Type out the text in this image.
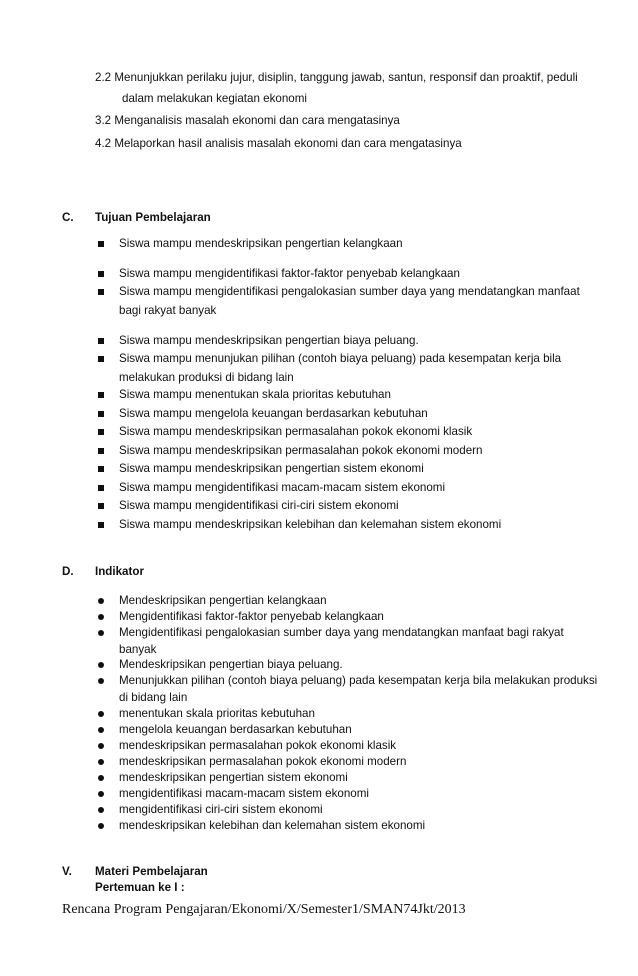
2.2 Menunjukkan perilaku jujur, disiplin, tanggung jawab, santun, responsif dan proaktif, peduli
dalam melakukan kegiatan ekonomi
3.2 Menganalisis masalah ekonomi dan cara mengatasinya
4.2 Melaporkan hasil analisis masalah ekonomi dan cara mengatasinya
C. Tujuan Pembelajaran
Siswa mampu mendeskripsikan pengertian kelangkaan
Siswa mampu mengidentifikasi faktor-faktor penyebab kelangkaan
Siswa mampu mengidentifikasi pengalokasian sumber daya yang mendatangkan manfaat
bagi rakyat banyak
Siswa mampu mendeskripsikan pengertian biaya peluang.
Siswa mampu menunjukan pilihan (contoh biaya peluang) pada kesempatan kerja bila
melakukan produksi di bidang lain
Siswa mampu menentukan skala prioritas kebutuhan
Siswa mampu mengelola keuangan berdasarkan kebutuhan
Siswa mampu mendeskripsikan permasalahan pokok ekonomi klasik
Siswa mampu mendeskripsikan permasalahan pokok ekonomi modern
Siswa mampu mendeskripsikan pengertian sistem ekonomi
Siswa mampu mengidentifikasi macam-macam sistem ekonomi
Siswa mampu mengidentifikasi ciri-ciri sistem ekonomi
Siswa mampu mendeskripsikan kelebihan dan kelemahan sistem ekonomi
D. Indikator
Mendeskripsikan pengertian kelangkaan
Mengidentifikasi faktor-faktor penyebab kelangkaan
Mengidentifikasi pengalokasian sumber daya yang mendatangkan manfaat bagi rakyat
banyak
Mendeskripsikan pengertian biaya peluang.
Menunjukkan pilihan (contoh biaya peluang) pada kesempatan kerja bila melakukan produksi
di bidang lain
menentukan skala prioritas kebutuhan
mengelola keuangan berdasarkan kebutuhan
mendeskripsikan permasalahan pokok ekonomi klasik
mendeskripsikan permasalahan pokok ekonomi modern
mendeskripsikan pengertian sistem ekonomi
mengidentifikasi macam-macam sistem ekonomi
mengidentifikasi ciri-ciri sistem ekonomi
mendeskripsikan kelebihan dan kelemahan sistem ekonomi
V. Materi Pembelajaran
Pertemuan ke I :
Rencana Program Pengajaran/Ekonomi/X/Semester1/SMAN74Jkt/2013
